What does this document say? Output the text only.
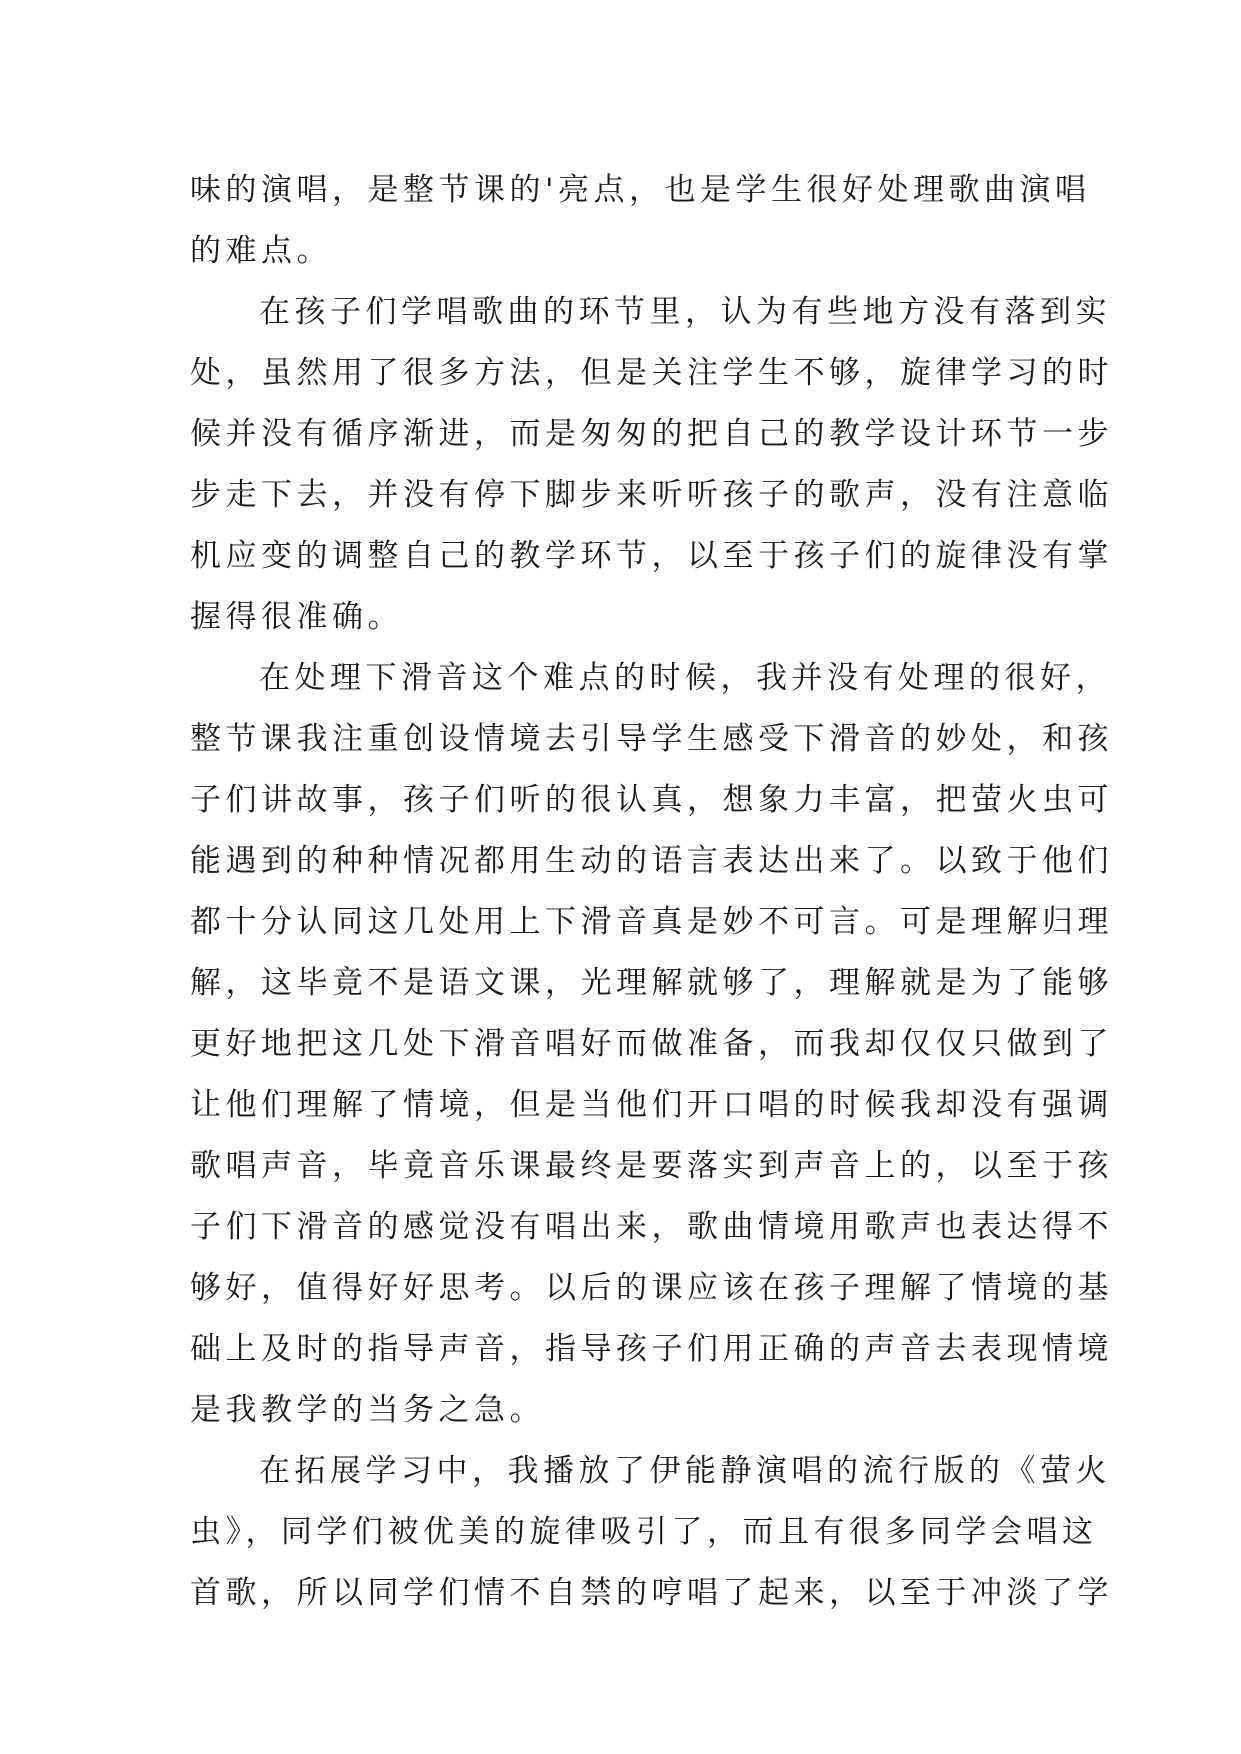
味的演唱，是整节课的'亮点，也是学生很好处理歌曲演唱
的难点。
在孩子们学唱歌曲的环节里，认为有些地方没有落到实
处，虽然用了很多方法，但是关注学生不够，旋律学习的时
候并没有循序渐进，而是匆匆的把自己的教学设计环节一步
步走下去，并没有停下脚步来听听孩子的歌声，没有注意临
机应变的调整自己的教学环节，以至于孩子们的旋律没有掌
握得很准确。
在处理下滑音这个难点的时候，我并没有处理的很好，
整节课我注重创设情境去引导学生感受下滑音的妙处，和孩
子们讲故事，孩子们听的很认真，想象力丰富，把萤火虫可
能遇到的种种情况都用生动的语言表达出来了。以致于他们
都十分认同这几处用上下滑音真是妙不可言。可是理解归理
解，这毕竟不是语文课，光理解就够了，理解就是为了能够
更好地把这几处下滑音唱好而做准备，而我却仅仅只做到了
让他们理解了情境，但是当他们开口唱的时候我却没有强调
歌唱声音，毕竟音乐课最终是要落实到声音上的，以至于孩
子们下滑音的感觉没有唱出来，歌曲情境用歌声也表达得不
够好，值得好好思考。以后的课应该在孩子理解了情境的基
础上及时的指导声音，指导孩子们用正确的声音去表现情境
是我教学的当务之急。
在拓展学习中，我播放了伊能静演唱的流行版的《萤火
虫》，同学们被优美的旋律吸引了，而且有很多同学会唱这
首歌，所以同学们情不自禁的哼唱了起来，以至于冲淡了学
